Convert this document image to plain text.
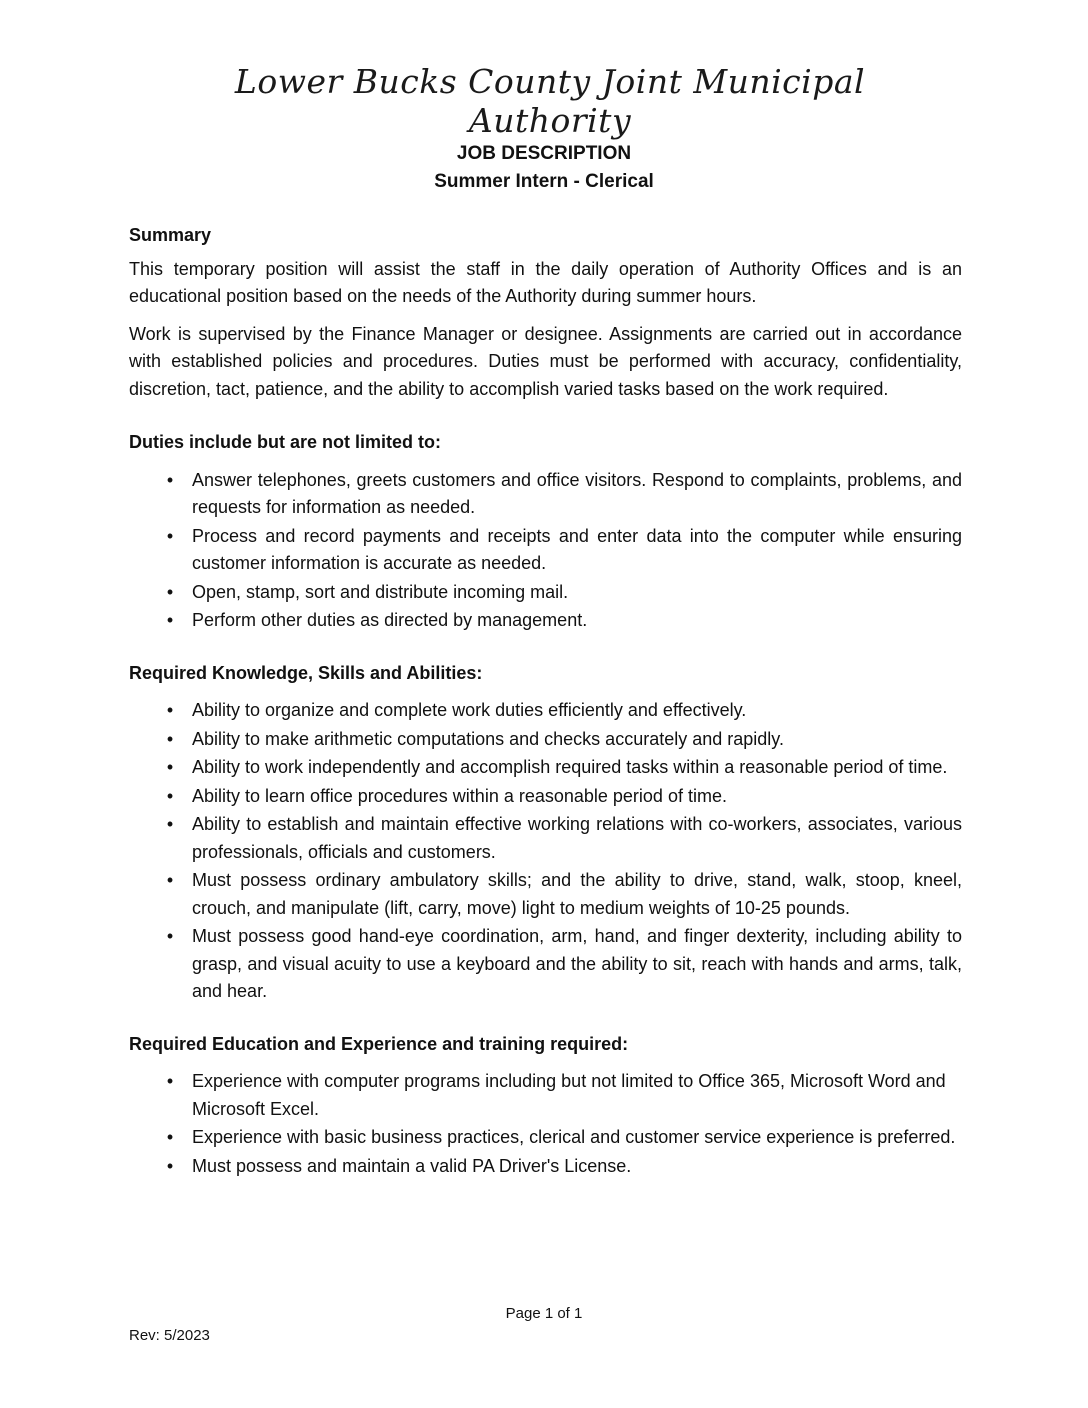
Lower Bucks County Joint Municipal Authority
JOB DESCRIPTION
Summer Intern - Clerical

Summary

This temporary position will assist the staff in the daily operation of Authority Offices and is an educational position based on the needs of the Authority during summer hours.

Work is supervised by the Finance Manager or designee. Assignments are carried out in accordance with established policies and procedures. Duties must be performed with accuracy, confidentiality, discretion, tact, patience, and the ability to accomplish varied tasks based on the work required.

Duties include but are not limited to:

• Answer telephones, greets customers and office visitors. Respond to complaints, problems, and requests for information as needed.
• Process and record payments and receipts and enter data into the computer while ensuring customer information is accurate as needed.
• Open, stamp, sort and distribute incoming mail.
• Perform other duties as directed by management.

Required Knowledge, Skills and Abilities:

• Ability to organize and complete work duties efficiently and effectively.
• Ability to make arithmetic computations and checks accurately and rapidly.
• Ability to work independently and accomplish required tasks within a reasonable period of time.
• Ability to learn office procedures within a reasonable period of time.
• Ability to establish and maintain effective working relations with co-workers, associates, various professionals, officials and customers.
• Must possess ordinary ambulatory skills; and the ability to drive, stand, walk, stoop, kneel, crouch, and manipulate (lift, carry, move) light to medium weights of 10-25 pounds.
• Must possess good hand-eye coordination, arm, hand, and finger dexterity, including ability to grasp, and visual acuity to use a keyboard and the ability to sit, reach with hands and arms, talk, and hear.

Required Education and Experience and training required:

• Experience with computer programs including but not limited to Office 365, Microsoft Word and Microsoft Excel.
• Experience with basic business practices, clerical and customer service experience is preferred.
• Must possess and maintain a valid PA Driver's License.
Page 1 of 1
Rev: 5/2023
